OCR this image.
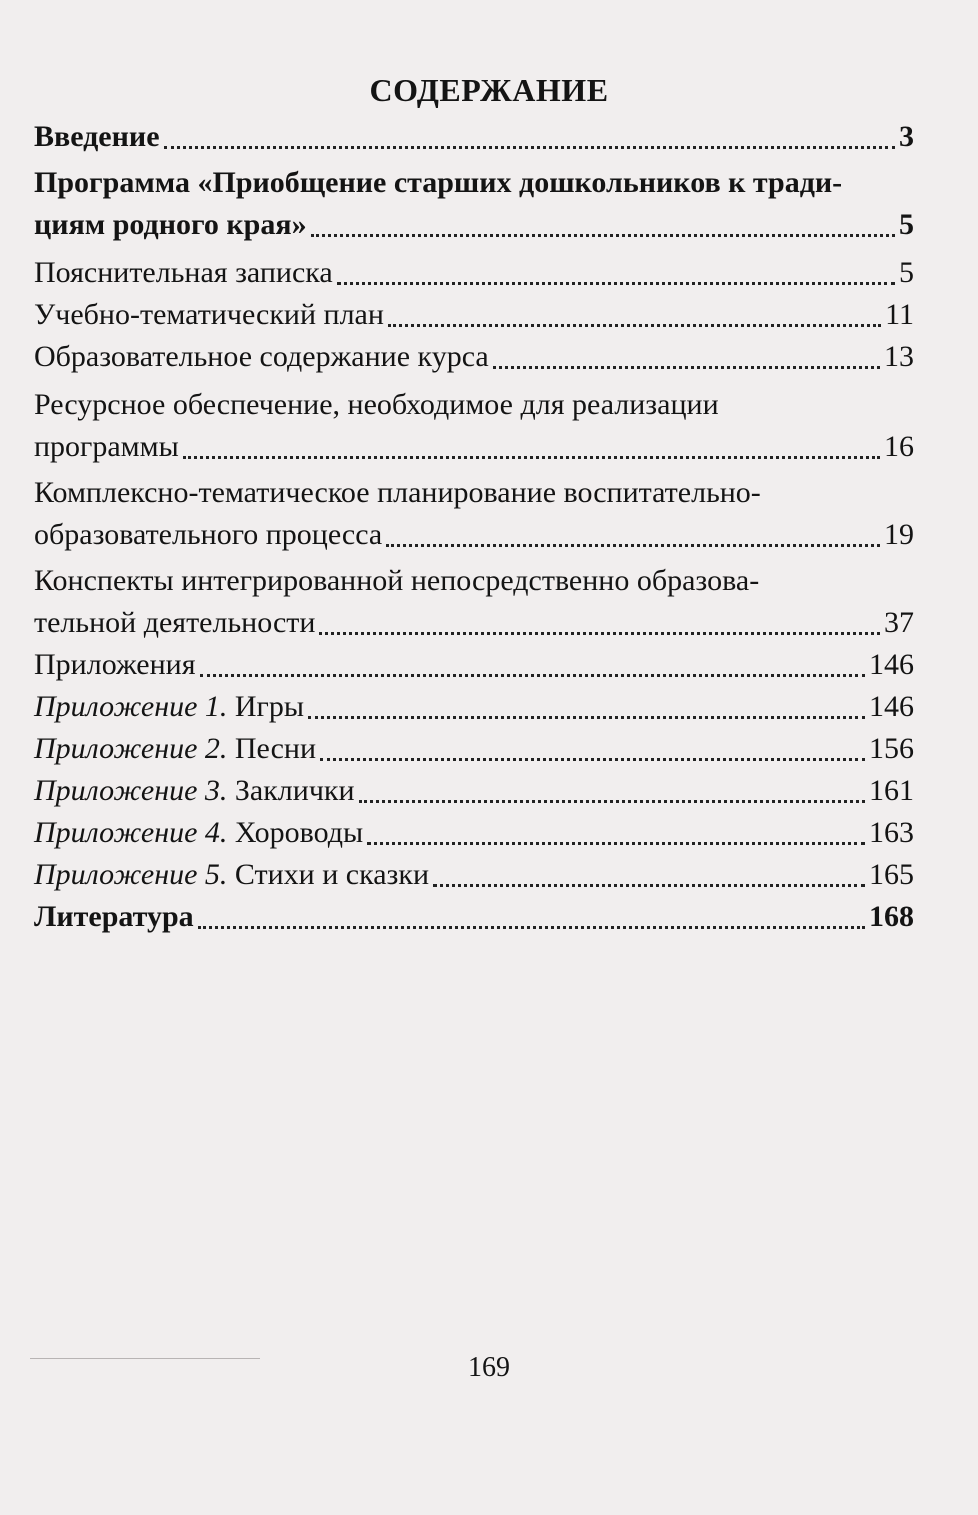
СОДЕРЖАНИЕ
Введение	3
Программа «Приобщение старших дошкольников к тради-
циям родного края»	5
Пояснительная записка	5
Учебно-тематический план	11
Образовательное содержание курса	13
Ресурсное обеспечение, необходимое для реализации
программы	16
Комплексно-тематическое планирование воспитательно-
образовательного процесса	19
Конспекты интегрированной непосредственно образова-
тельной деятельности	37
Приложения	146
Приложение 1. Игры	146
Приложение 2. Песни	156
Приложение 3. Заклички	161
Приложение 4. Хороводы	163
Приложение 5. Стихи и сказки	165
Литература	168
169
